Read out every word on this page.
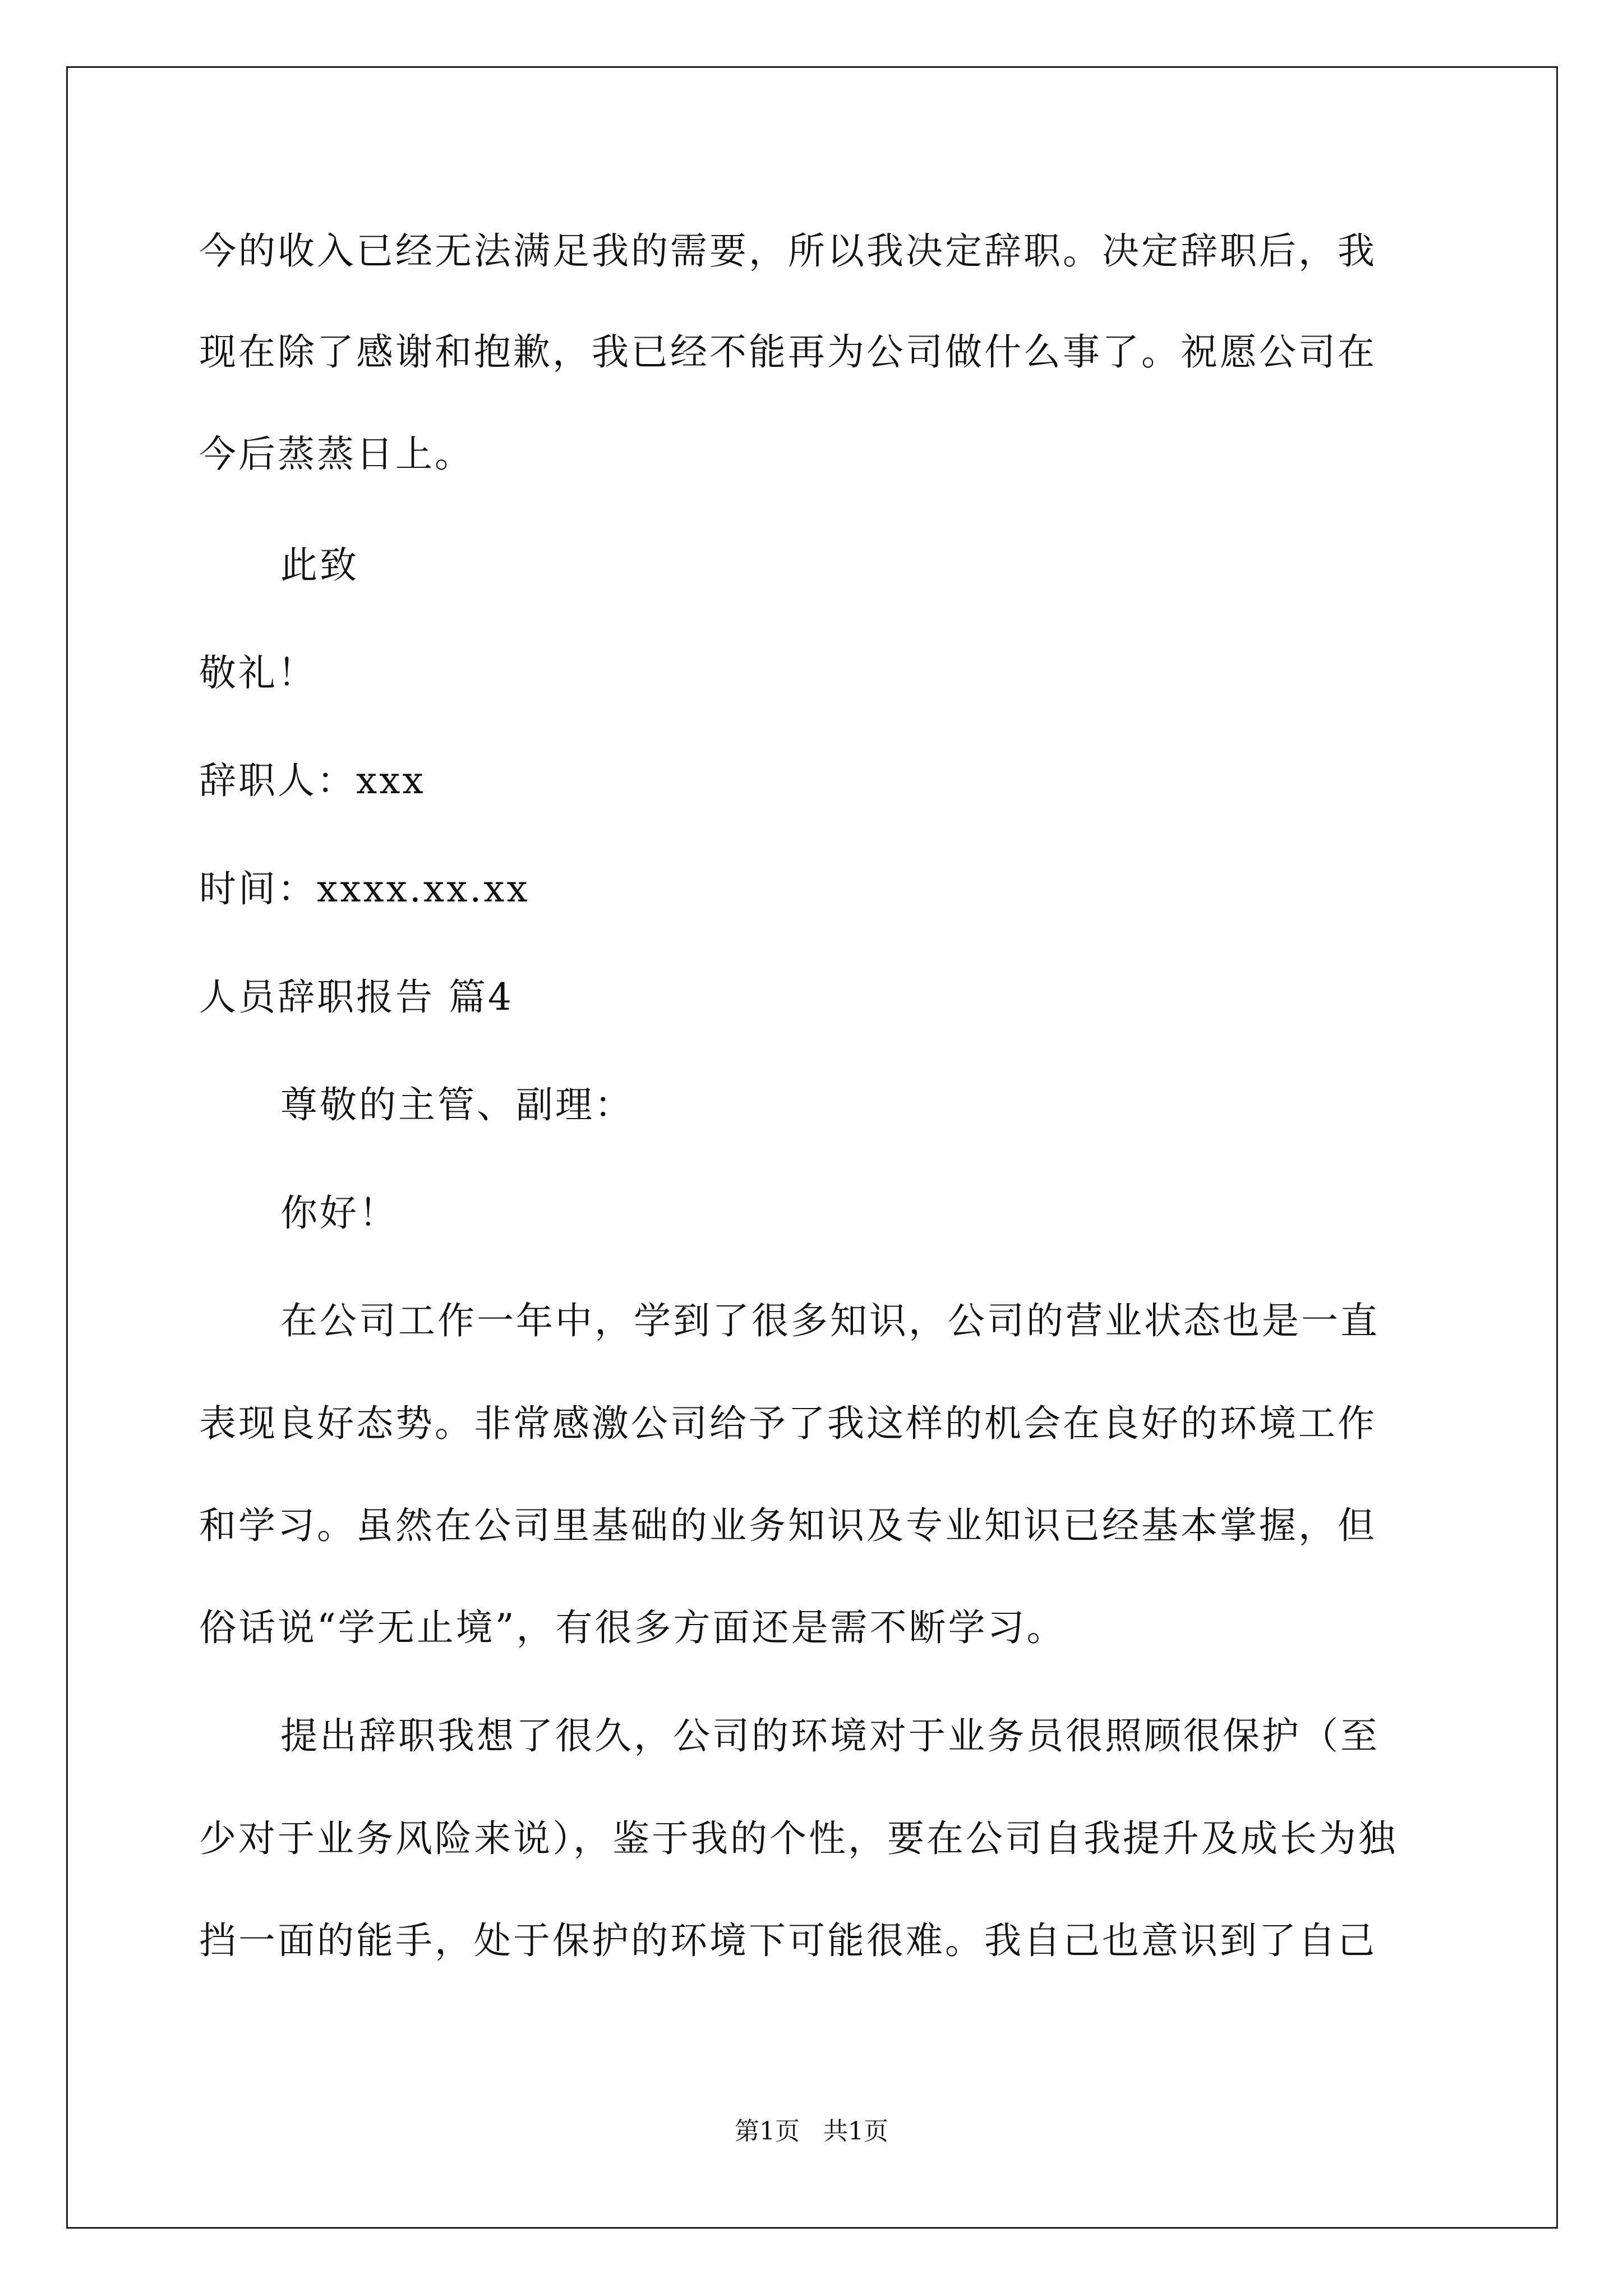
今的收入已经无法满足我的需要，所以我决定辞职。决定辞职后，我
现在除了感谢和抱歉，我已经不能再为公司做什么事了。祝愿公司在
今后蒸蒸日上。
此致
敬礼！
辞职人：xxx
时间：xxxx.xx.xx
人员辞职报告 篇4
尊敬的主管、副理：
你好！
在公司工作一年中，学到了很多知识，公司的营业状态也是一直
表现良好态势。非常感激公司给予了我这样的机会在良好的环境工作
和学习。虽然在公司里基础的业务知识及专业知识已经基本掌握，但
俗话说“学无止境”，有很多方面还是需不断学习。
提出辞职我想了很久，公司的环境对于业务员很照顾很保护（至
少对于业务风险来说），鉴于我的个性，要在公司自我提升及成长为独
挡一面的能手，处于保护的环境下可能很难。我自己也意识到了自己
第1页 共1页
